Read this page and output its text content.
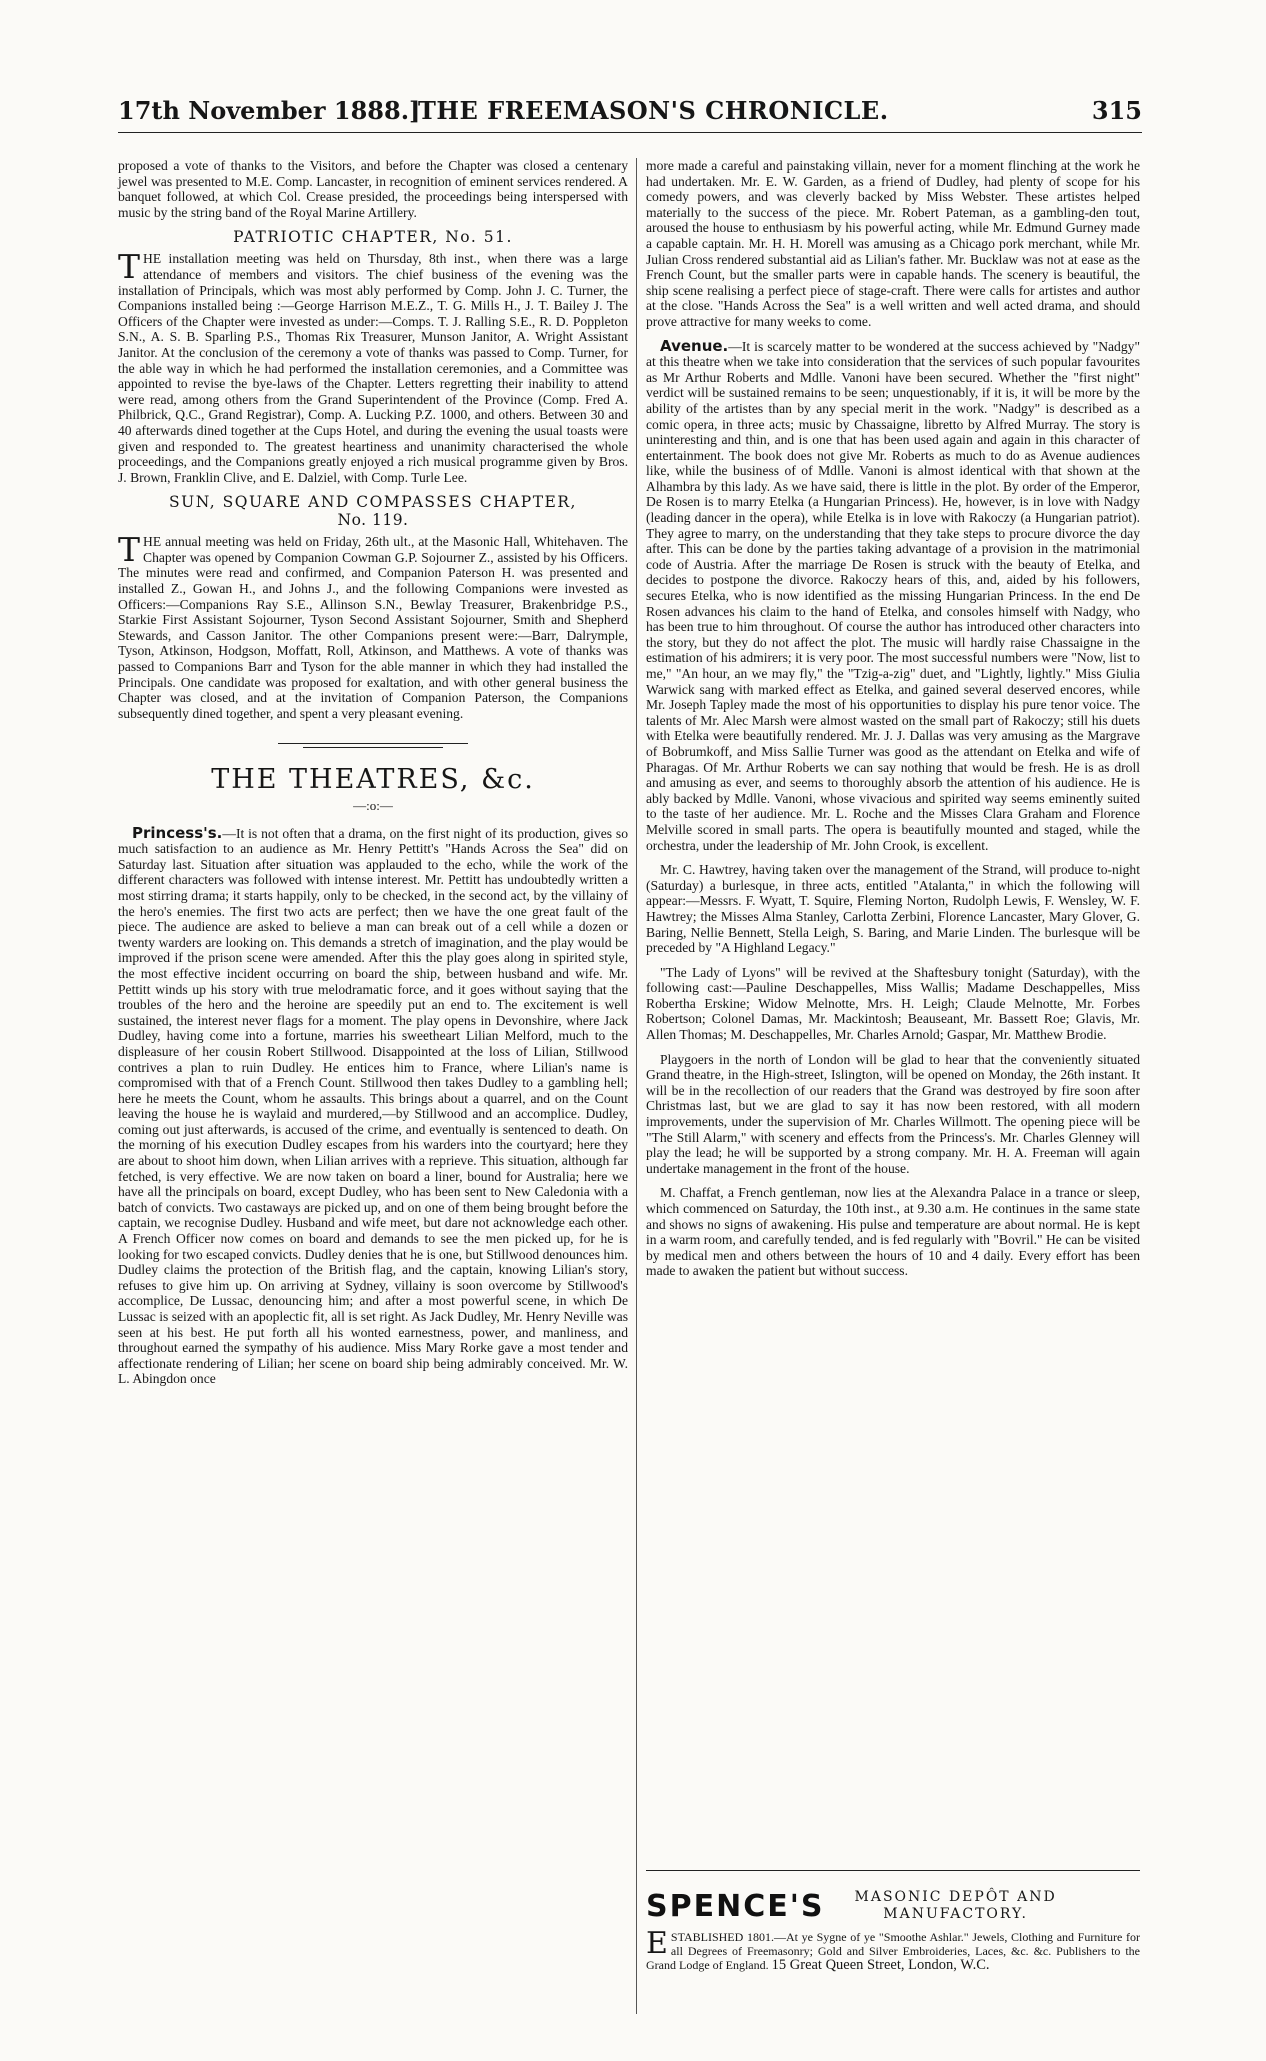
17th November 1888.]
THE FREEMASON'S CHRONICLE.	315

proposed a vote of thanks to the Visitors, and before the Chapter was closed a centenary jewel was presented to M.E. Comp. Lancaster, in recognition of eminent services rendered. A banquet followed, at which Col. Crease presided, the proceedings being interspersed with music by the string band of the Royal Marine Artillery.

PATRIOTIC CHAPTER, No. 51.

THE installation meeting was held on Thursday, 8th inst., when there was a large attendance of members and visitors. The chief business of the evening was the installation of Principals, which was most ably performed by Comp. John J. C. Turner, the Companions installed being :—George Harrison M.E.Z., T. G. Mills H., J. T. Bailey J. The Officers of the Chapter were invested as under:—Comps. T. J. Ralling S.E., R. D. Poppleton S.N., A. S. B. Sparling P.S., Thomas Rix Treasurer, Munson Janitor, A. Wright Assistant Janitor. At the conclusion of the ceremony a vote of thanks was passed to Comp. Turner, for the able way in which he had performed the installation ceremonies, and a Committee was appointed to revise the bye-laws of the Chapter. Letters regretting their inability to attend were read, among others from the Grand Superintendent of the Province (Comp. Fred A. Philbrick, Q.C., Grand Registrar), Comp. A. Lucking P.Z. 1000, and others. Between 30 and 40 afterwards dined together at the Cups Hotel, and during the evening the usual toasts were given and responded to. The greatest heartiness and unanimity characterised the whole proceedings, and the Companions greatly enjoyed a rich musical programme given by Bros. J. Brown, Franklin Clive, and E. Dalziel, with Comp. Turle Lee.

SUN, SQUARE AND COMPASSES CHAPTER,
No. 119.

THE annual meeting was held on Friday, 26th ult., at the Masonic Hall, Whitehaven. The Chapter was opened by Companion Cowman G.P. Sojourner Z., assisted by his Officers. The minutes were read and confirmed, and Companion Paterson H. was presented and installed Z., Gowan H., and Johns J., and the following Companions were invested as Officers:—Companions Ray S.E., Allinson S.N., Bewlay Treasurer, Brakenbridge P.S., Starkie First Assistant Sojourner, Tyson Second Assistant Sojourner, Smith and Shepherd Stewards, and Casson Janitor. The other Companions present were:—Barr, Dalrymple, Tyson, Atkinson, Hodgson, Moffatt, Roll, Atkinson, and Matthews. A vote of thanks was passed to Companions Barr and Tyson for the able manner in which they had installed the Principals. One candidate was proposed for exaltation, and with other general business the Chapter was closed, and at the invitation of Companion Paterson, the Companions subsequently dined together, and spent a very pleasant evening.

THE THEATRES, &c.
—:o:—

Princess's.—It is not often that a drama, on the first night of its production, gives so much satisfaction to an audience as Mr. Henry Pettitt's "Hands Across the Sea" did on Saturday last. Situation after situation was applauded to the echo, while the work of the different characters was followed with intense interest. Mr. Pettitt has undoubtedly written a most stirring drama; it starts happily, only to be checked, in the second act, by the villainy of the hero's enemies. The first two acts are perfect; then we have the one great fault of the piece. The audience are asked to believe a man can break out of a cell while a dozen or twenty warders are looking on. This demands a stretch of imagination, and the play would be improved if the prison scene were amended. After this the play goes along in spirited style, the most effective incident occurring on board the ship, between husband and wife. Mr. Pettitt winds up his story with true melodramatic force, and it goes without saying that the troubles of the hero and the heroine are speedily put an end to. The excitement is well sustained, the interest never flags for a moment. The play opens in Devonshire, where Jack Dudley, having come into a fortune, marries his sweetheart Lilian Melford, much to the displeasure of her cousin Robert Stillwood. Disappointed at the loss of Lilian, Stillwood contrives a plan to ruin Dudley. He entices him to France, where Lilian's name is compromised with that of a French Count. Stillwood then takes Dudley to a gambling hell; here he meets the Count, whom he assaults. This brings about a quarrel, and on the Count leaving the house he is waylaid and murdered,—by Stillwood and an accomplice. Dudley, coming out just afterwards, is accused of the crime, and eventually is sentenced to death. On the morning of his execution Dudley escapes from his warders into the courtyard; here they are about to shoot him down, when Lilian arrives with a reprieve. This situation, although far fetched, is very effective. We are now taken on board a liner, bound for Australia; here we have all the principals on board, except Dudley, who has been sent to New Caledonia with a batch of convicts. Two castaways are picked up, and on one of them being brought before the captain, we recognise Dudley. Husband and wife meet, but dare not acknowledge each other. A French Officer now comes on board and demands to see the men picked up, for he is looking for two escaped convicts. Dudley denies that he is one, but Stillwood denounces him. Dudley claims the protection of the British flag, and the captain, knowing Lilian's story, refuses to give him up. On arriving at Sydney, villainy is soon overcome by Stillwood's accomplice, De Lussac, denouncing him; and after a most powerful scene, in which De Lussac is seized with an apoplectic fit, all is set right. As Jack Dudley, Mr. Henry Neville was seen at his best. He put forth all his wonted earnestness, power, and manliness, and throughout earned the sympathy of his audience. Miss Mary Rorke gave a most tender and affectionate rendering of Lilian; her scene on board ship being admirably conceived. Mr. W. L. Abingdon once

more made a careful and painstaking villain, never for a moment flinching at the work he had undertaken. Mr. E. W. Garden, as a friend of Dudley, had plenty of scope for his comedy powers, and was cleverly backed by Miss Webster. These artistes helped materially to the success of the piece. Mr. Robert Pateman, as a gambling-den tout, aroused the house to enthusiasm by his powerful acting, while Mr. Edmund Gurney made a capable captain. Mr. H. H. Morell was amusing as a Chicago pork merchant, while Mr. Julian Cross rendered substantial aid as Lilian's father. Mr. Bucklaw was not at ease as the French Count, but the smaller parts were in capable hands. The scenery is beautiful, the ship scene realising a perfect piece of stage-craft. There were calls for artistes and author at the close. "Hands Across the Sea" is a well written and well acted drama, and should prove attractive for many weeks to come.

Avenue.—It is scarcely matter to be wondered at the success achieved by "Nadgy" at this theatre when we take into consideration that the services of such popular favourites as Mr Arthur Roberts and Mdlle. Vanoni have been secured. Whether the "first night" verdict will be sustained remains to be seen; unquestionably, if it is, it will be more by the ability of the artistes than by any special merit in the work. "Nadgy" is described as a comic opera, in three acts; music by Chassaigne, libretto by Alfred Murray. The story is uninteresting and thin, and is one that has been used again and again in this character of entertainment. The book does not give Mr. Roberts as much to do as Avenue audiences like, while the business of of Mdlle. Vanoni is almost identical with that shown at the Alhambra by this lady. As we have said, there is little in the plot. By order of the Emperor, De Rosen is to marry Etelka (a Hungarian Princess). He, however, is in love with Nadgy (leading dancer in the opera), while Etelka is in love with Rakoczy (a Hungarian patriot). They agree to marry, on the understanding that they take steps to procure divorce the day after. This can be done by the parties taking advantage of a provision in the matrimonial code of Austria. After the marriage De Rosen is struck with the beauty of Etelka, and decides to postpone the divorce. Rakoczy hears of this, and, aided by his followers, secures Etelka, who is now identified as the missing Hungarian Princess. In the end De Rosen advances his claim to the hand of Etelka, and consoles himself with Nadgy, who has been true to him throughout. Of course the author has introduced other characters into the story, but they do not affect the plot. The music will hardly raise Chassaigne in the estimation of his admirers; it is very poor. The most successful numbers were "Now, list to me," "An hour, an we may fly," the "Tzig-a-zig" duet, and "Lightly, lightly." Miss Giulia Warwick sang with marked effect as Etelka, and gained several deserved encores, while Mr. Joseph Tapley made the most of his opportunities to display his pure tenor voice. The talents of Mr. Alec Marsh were almost wasted on the small part of Rakoczy; still his duets with Etelka were beautifully rendered. Mr. J. J. Dallas was very amusing as the Margrave of Bobrumkoff, and Miss Sallie Turner was good as the attendant on Etelka and wife of Pharagas. Of Mr. Arthur Roberts we can say nothing that would be fresh. He is as droll and amusing as ever, and seems to thoroughly absorb the attention of his audience. He is ably backed by Mdlle. Vanoni, whose vivacious and spirited way seems eminently suited to the taste of her audience. Mr. L. Roche and the Misses Clara Graham and Florence Melville scored in small parts. The opera is beautifully mounted and staged, while the orchestra, under the leadership of Mr. John Crook, is excellent.

Mr. C. Hawtrey, having taken over the management of the Strand, will produce to-night (Saturday) a burlesque, in three acts, entitled "Atalanta," in which the following will appear:—Messrs. F. Wyatt, T. Squire, Fleming Norton, Rudolph Lewis, F. Wensley, W. F. Hawtrey; the Misses Alma Stanley, Carlotta Zerbini, Florence Lancaster, Mary Glover, G. Baring, Nellie Bennett, Stella Leigh, S. Baring, and Marie Linden. The burlesque will be preceded by "A Highland Legacy."

"The Lady of Lyons" will be revived at the Shaftesbury tonight (Saturday), with the following cast:—Pauline Deschappelles, Miss Wallis; Madame Deschappelles, Miss Robertha Erskine; Widow Melnotte, Mrs. H. Leigh; Claude Melnotte, Mr. Forbes Robertson; Colonel Damas, Mr. Mackintosh; Beauseant, Mr. Bassett Roe; Glavis, Mr. Allen Thomas; M. Deschappelles, Mr. Charles Arnold; Gaspar, Mr. Matthew Brodie.

Playgoers in the north of London will be glad to hear that the conveniently situated Grand theatre, in the High-street, Islington, will be opened on Monday, the 26th instant. It will be in the recollection of our readers that the Grand was destroyed by fire soon after Christmas last, but we are glad to say it has now been restored, with all modern improvements, under the supervision of Mr. Charles Willmott. The opening piece will be "The Still Alarm," with scenery and effects from the Princess's. Mr. Charles Glenney will play the lead; he will be supported by a strong company. Mr. H. A. Freeman will again undertake management in the front of the house.

M. Chaffat, a French gentleman, now lies at the Alexandra Palace in a trance or sleep, which commenced on Saturday, the 10th inst., at 9.30 a.m. He continues in the same state and shows no signs of awakening. His pulse and temperature are about normal. He is kept in a warm room, and carefully tended, and is fed regularly with "Bovril." He can be visited by medical men and others between the hours of 10 and 4 daily. Every effort has been made to awaken the patient but without success.

SPENCE'S MASONIC DEPÔT AND
MANUFACTORY.
ESTABLISHED 1801.—At ye Sygne of ye "Smoothe Ashlar." Jewels, Clothing and Furniture for all Degrees of Freemasonry; Gold and Silver Embroideries, Laces, &c. &c. Publishers to the Grand Lodge of England. 15 Great Queen Street, London, W.C.
